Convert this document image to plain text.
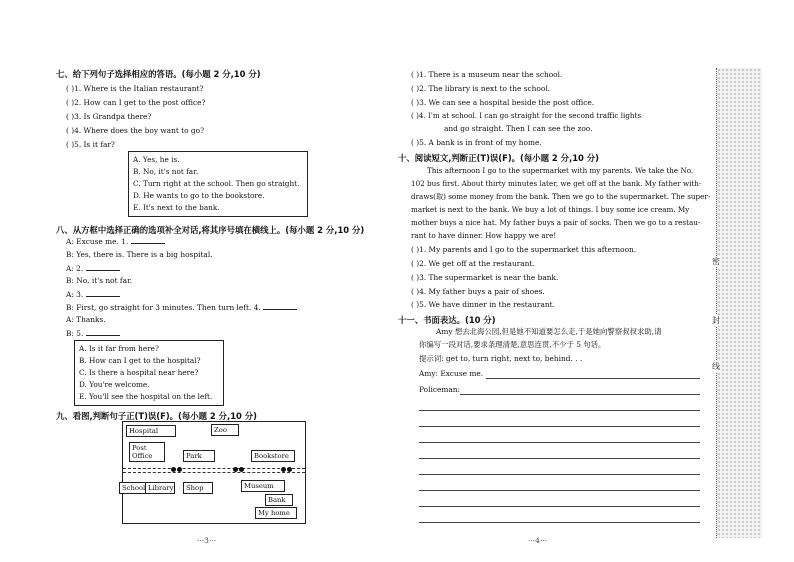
七、给下列句子选择相应的答语。(每小题 2 分,10 分)
( )1. Where is the Italian restaurant?
( )2. How can I get to the post office?
( )3. Is Grandpa there?
( )4. Where does the boy want to go?
( )5. Is it far?
A. Yes, he is.
B. No, it's not far.
C. Turn right at the school. Then go straight.
D. He wants to go to the bookstore.
E. It's next to the bank.
八、从方框中选择正确的选项补全对话,将其序号填在横线上。(每小题 2 分,10 分)
A: Excuse me. 1.
B: Yes, there is. There is a big hospital.
A: 2.
B: No, it's not far.
A: 3.
B: First, go straight for 3 minutes. Then turn left. 4.
A: Thanks.
B: 5.
A. Is it far from here?
B. How can I get to the hospital?
C. Is there a hospital near here?
D. You're welcome.
E. You'll see the hospital on the left.
九、看图,判断句子正(T)误(F)。(每小题 2 分,10 分)
Hospital	Zoo
Post
Office	Park	Bookstore
School Library	Shop	Museum
Bank
My home
···3···
( )1. There is a museum near the school.
( )2. The library is next to the school.
( )3. We can see a hospital beside the post office.
( )4. I'm at school. I can go straight for the second traffic lights
and go straight. Then I can see the zoo.
( )5. A bank is in front of my home.
十、阅读短文,判断正(T)误(F)。(每小题 2 分,10 分)
This afternoon I go to the supermarket with my parents. We take the No.
102 bus first. About thirty minutes later, we get off at the bank. My father with-
draws(取) some money from the bank. Then we go to the supermarket. The super-
market is next to the bank. We buy a lot of things. I buy some ice cream. My
mother buys a nice hat. My father buys a pair of socks. Then we go to a restau-
rant to have dinner. How happy we are!
( )1. My parents and I go to the supermarket this afternoon.
( )2. We get off at the restaurant.
( )3. The supermarket is near the bank.
( )4. My father buys a pair of shoes.
( )5. We have dinner in the restaurant.
十一、书面表达。(10 分)
Amy 想去北海公园,但是她不知道要怎么走,于是她向警察叔叔求助,请
你编写一段对话,要求条理清楚,意思连贯,不少于 5 句话。
提示词: get to, turn right, next to, behind. . .
Amy: Excuse me.
Policeman:
···4···
密
封
线
